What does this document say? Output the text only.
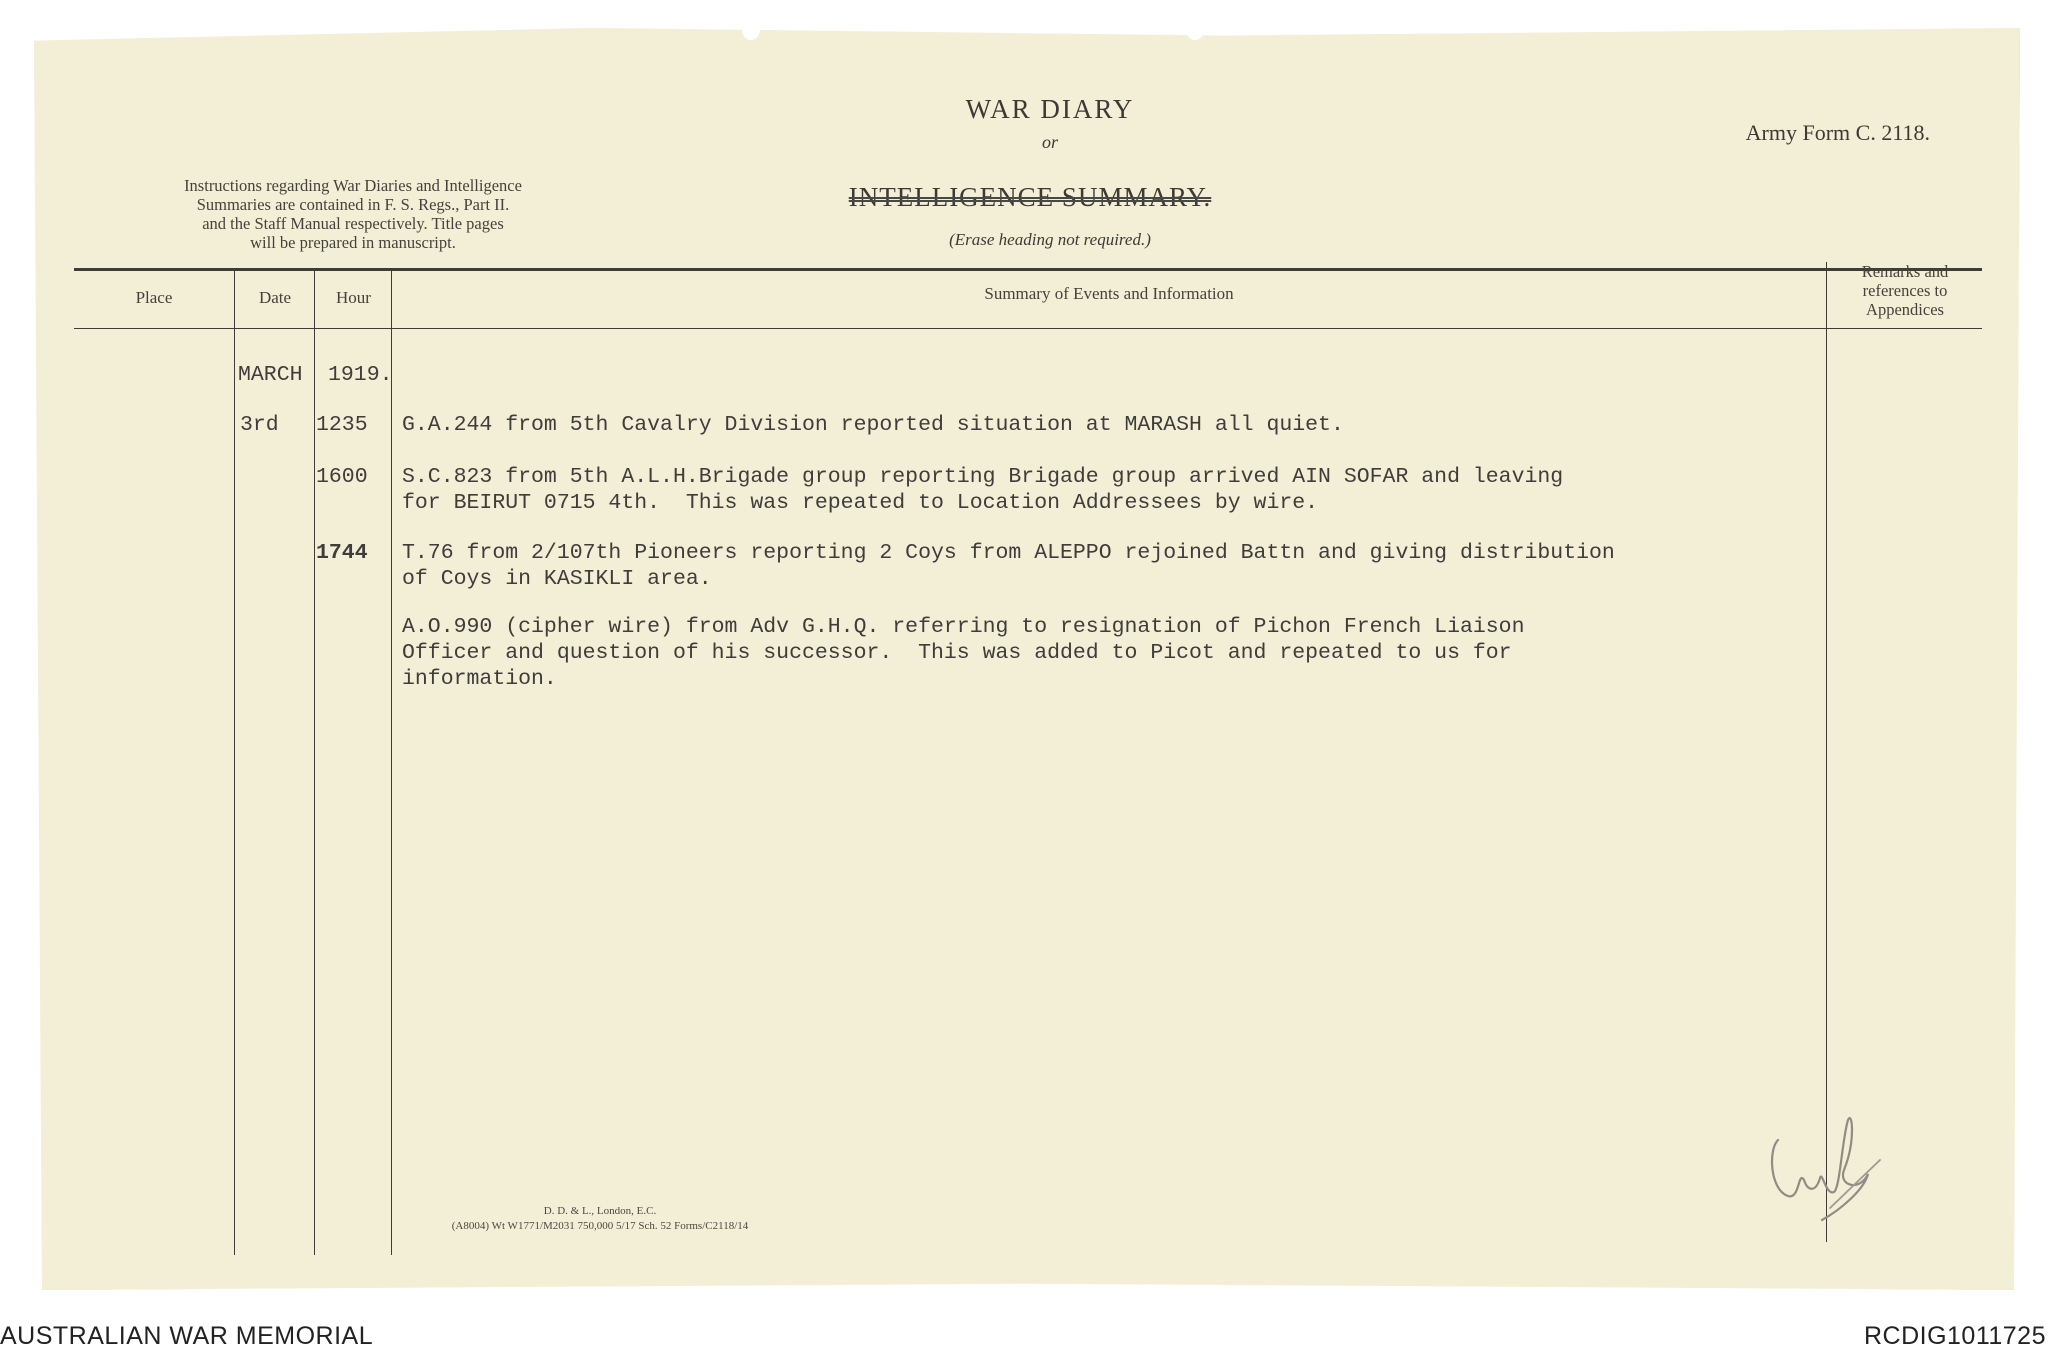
WAR DIARY
or
INTELLIGENCE SUMMARY.
(Erase heading not required.)
Army Form C. 2118.
Instructions regarding War Diaries and Intelligence
Summaries are contained in F. S. Regs., Part II.
and the Staff Manual respectively. Title pages
will be prepared in manuscript.
Place	Date	Hour	Summary of Events and Information
Remarks and
references to
Appendices
MARCH 1919.
3rd 1235 G.A.244 from 5th Cavalry Division reported situation at MARASH all quiet.
1600 S.C.823 from 5th A.L.H.Brigade group reporting Brigade group arrived AIN SOFAR and leaving
for BEIRUT 0715 4th.  This was repeated to Location Addressees by wire.
1744 T.76 from 2/107th Pioneers reporting 2 Coys from ALEPPO rejoined Battn and giving distribution
of Coys in KASIKLI area.
A.O.990 (cipher wire) from Adv G.H.Q. referring to resignation of Pichon French Liaison
Officer and question of his successor.  This was added to Picot and repeated to us for
information.
D. D. & L., London, E.C.
(A8004) Wt W1771/M2031 750,000 5/17 Sch. 52 Forms/C2118/14
AUSTRALIAN WAR MEMORIAL	RCDIG1011725
